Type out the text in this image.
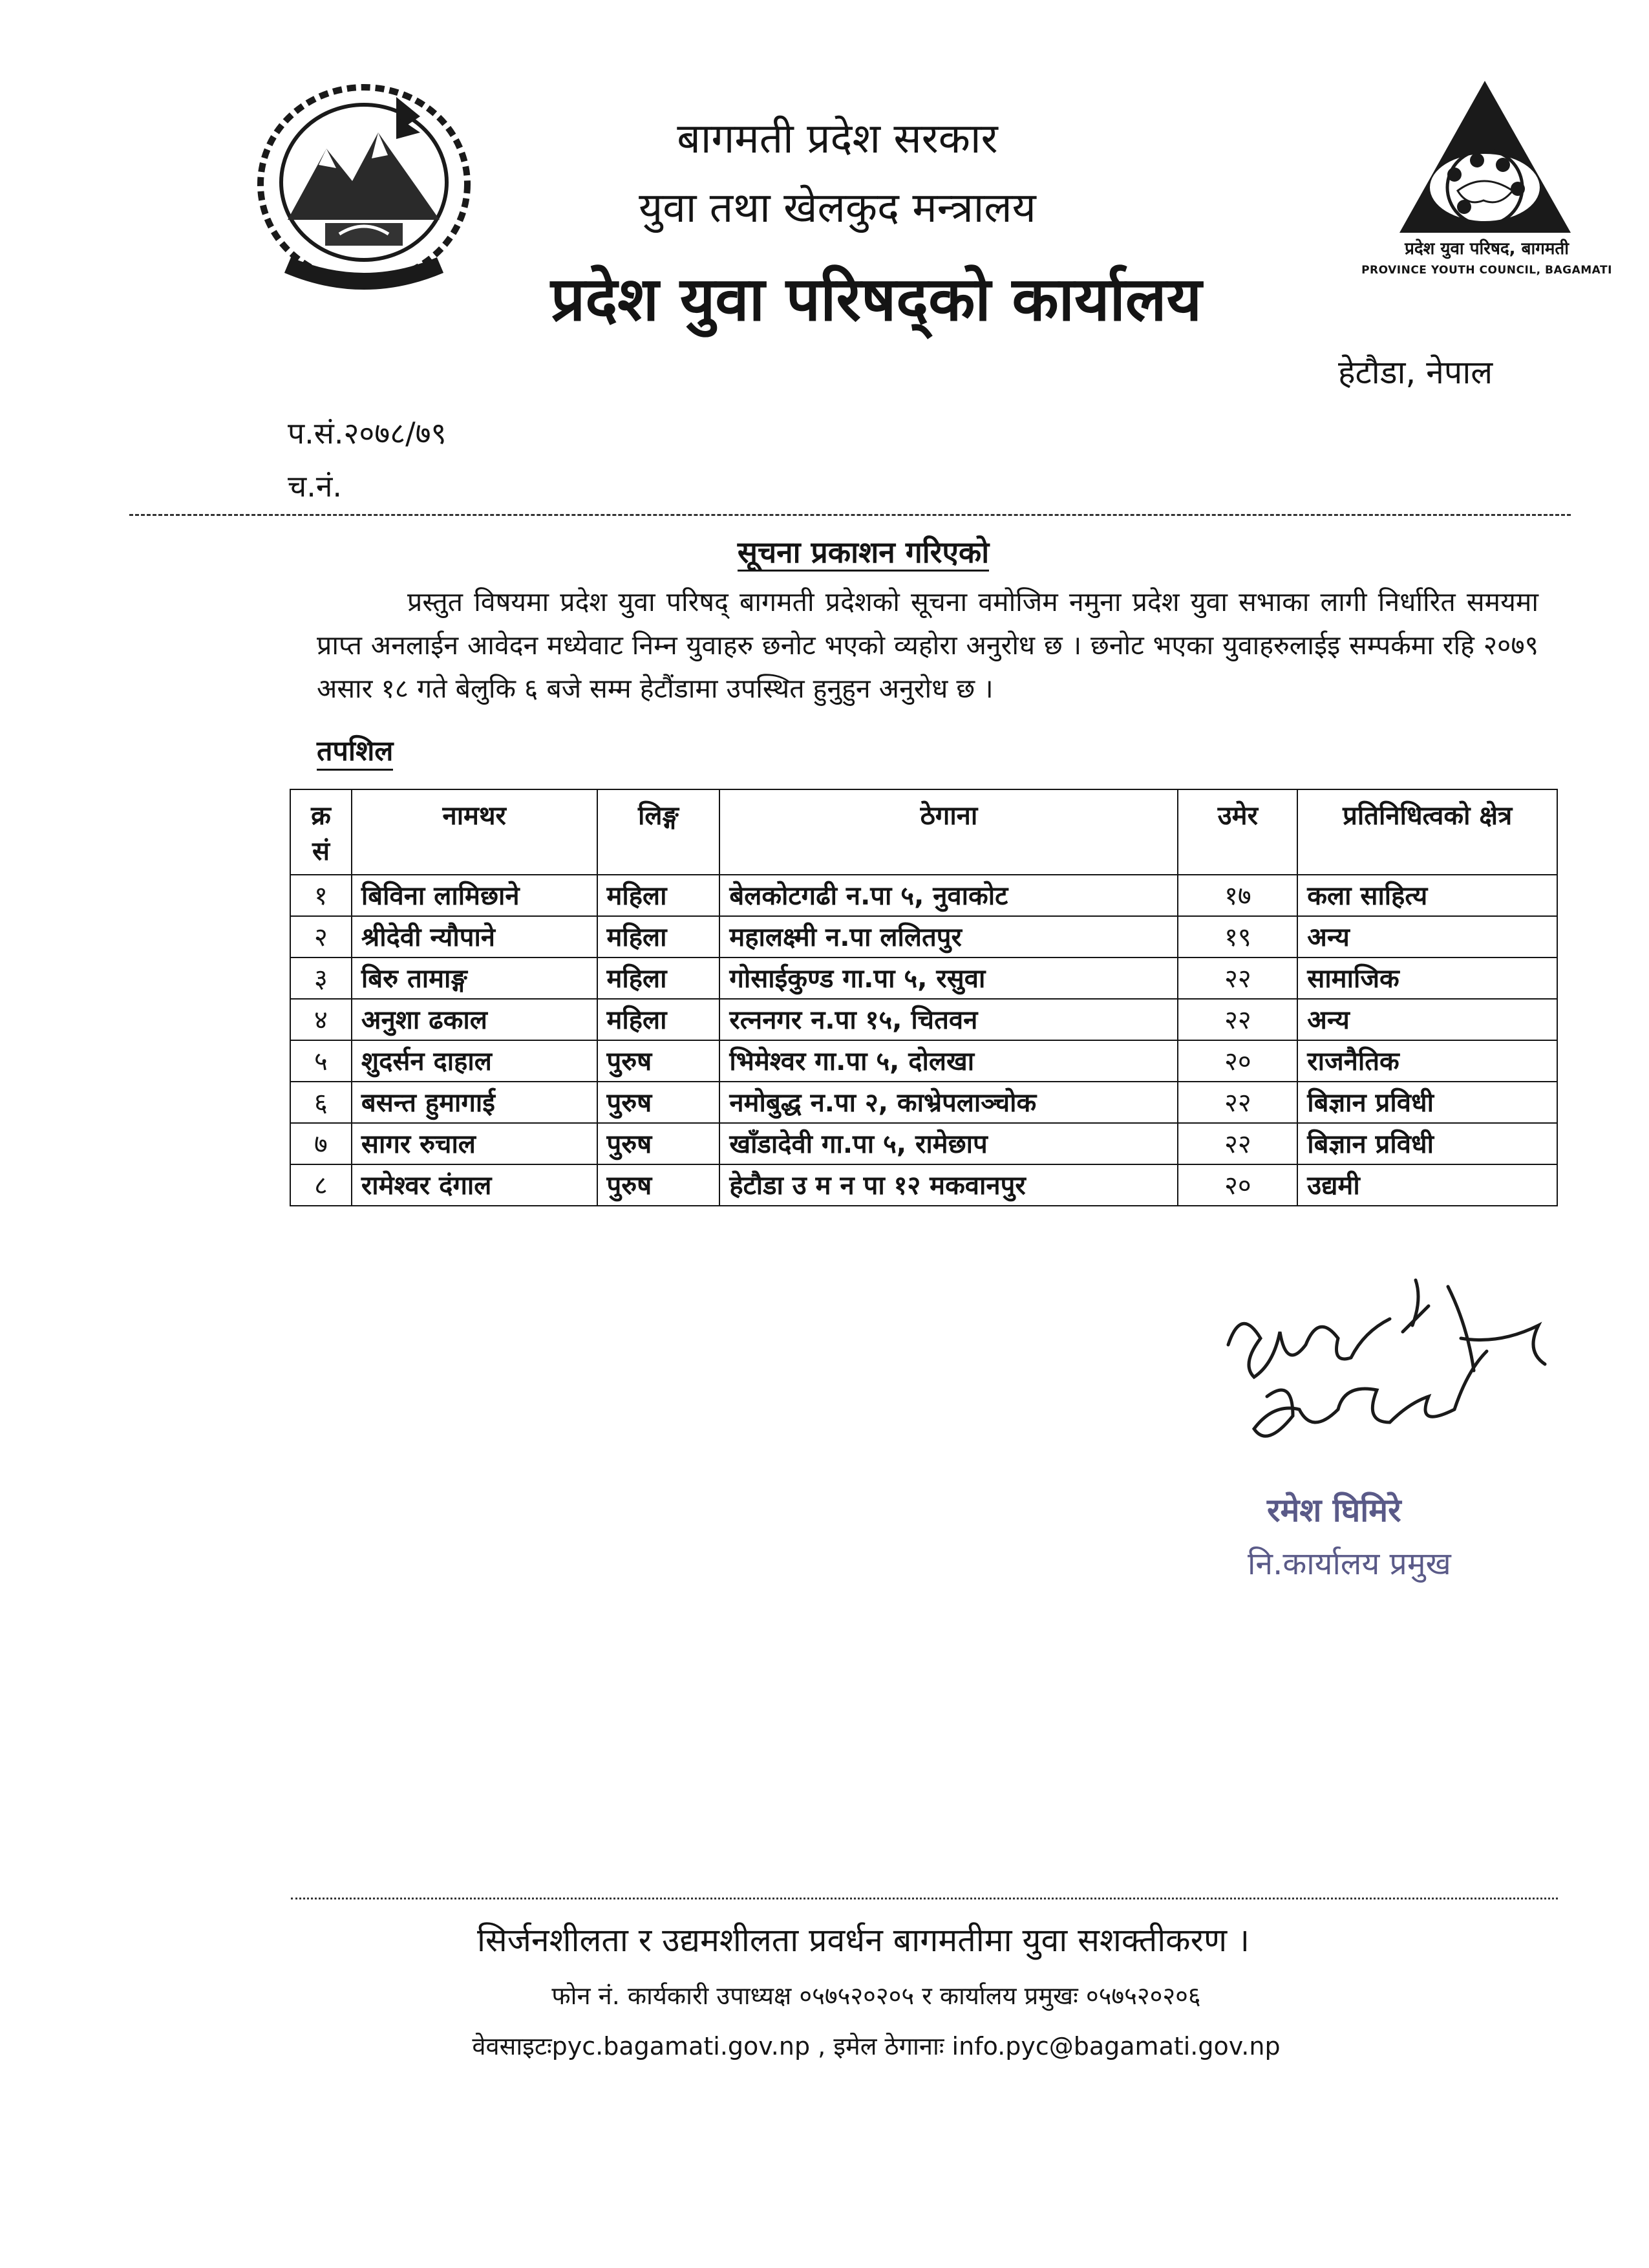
बागमती प्रदेश सरकार
युवा तथा खेलकुद मन्त्रालय
प्रदेश युवा परिषद्को कार्यालय
प्रदेश युवा परिषद, बागमती
PROVINCE YOUTH COUNCIL, BAGAMATI
हेटौडा, नेपाल
प.सं.२०७८/७९
च.नं.
सूचना प्रकाशन गरिएको
प्रस्तुत विषयमा प्रदेश युवा परिषद् बागमती प्रदेशको सूचना वमोजिम नमुना प्रदेश युवा सभाका लागी निर्धारित समयमा प्राप्त अनलाईन आवेदन मध्येवाट निम्न युवाहरु छनोट भएको व्यहोरा अनुरोध छ । छनोट भएका युवाहरुलाईइ सम्पर्कमा रहि २०७९ असार १८ गते बेलुकि ६ बजे सम्म हेटौंडामा उपस्थित हुनुहुन अनुरोध छ ।
तपशिल
क्र सं	नामथर	लिङ्ग	ठेगाना	उमेर	प्रतिनिधित्वको क्षेत्र
१	बिविना लामिछाने	महिला	बेलकोटगढी न.पा ५, नुवाकोट	१७	कला साहित्य
२	श्रीदेवी न्यौपाने	महिला	महालक्ष्मी न.पा ललितपुर	१९	अन्य
३	बिरु तामाङ्ग	महिला	गोसाईकुण्ड गा.पा ५, रसुवा	२२	सामाजिक
४	अनुशा ढकाल	महिला	रत्ननगर न.पा १५, चितवन	२२	अन्य
५	शुदर्सन दाहाल	पुरुष	भिमेश्वर गा.पा ५, दोलखा	२०	राजनैतिक
६	बसन्त हुमागाई	पुरुष	नमोबुद्ध न.पा २, काभ्रेपलाञ्चोक	२२	बिज्ञान प्रविधी
७	सागर रुचाल	पुरुष	खाँडादेवी गा.पा ५, रामेछाप	२२	बिज्ञान प्रविधी
८	रामेश्वर दंगाल	पुरुष	हेटौडा उ म न पा १२ मकवानपुर	२०	उद्यमी
रमेश घिमिरे
नि.कार्यालय प्रमुख
सिर्जनशीलता र उद्यमशीलता प्रवर्धन बागमतीमा युवा सशक्तीकरण ।
फोन नं. कार्यकारी उपाध्यक्ष ०५७५२०२०५ र कार्यालय प्रमुखः ०५७५२०२०६
वेवसाइटःpyc.bagamati.gov.np , इमेल ठेगानाः info.pyc@bagamati.gov.np
